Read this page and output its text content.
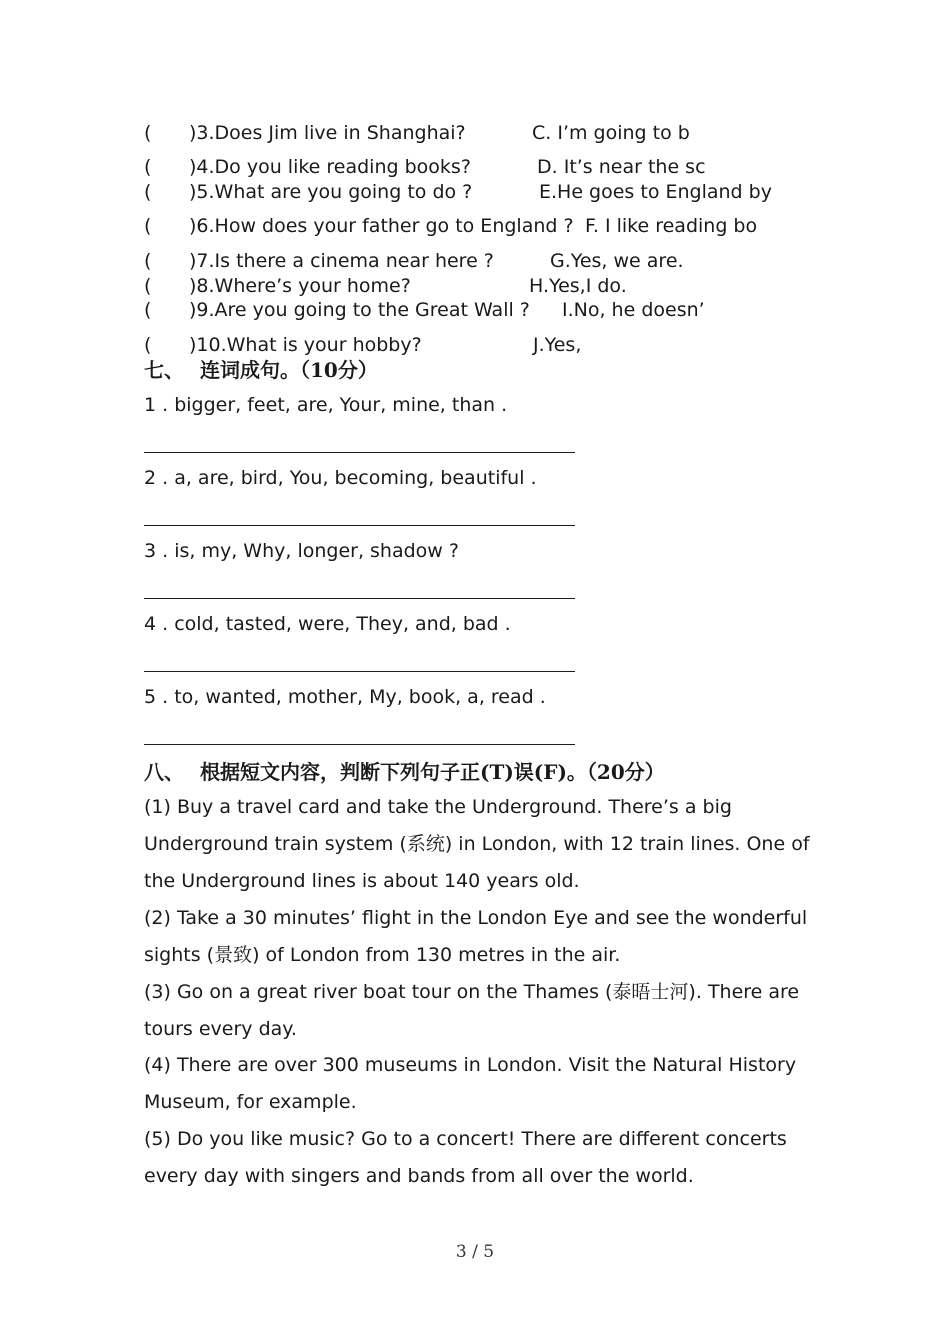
( )3.Does Jim live in Shanghai?	C. I’m going to b
( )4.Do you like reading books?	D. It’s near the sc
( )5.What are you going to do ?	E.He goes to England by
( )6.How does your father go to England ? F. I like reading bo
( )7.Is there a cinema near here ?	G.Yes, we are.
( )8.Where’s your home?	H.Yes,I do.
( )9.Are you going to the Great Wall ? I.No, he doesn’
( )10.What is your hobby?	J.Yes,
七、 连词成句。（10分）
1 . bigger, feet, are, Your, mine, than .
2 . a, are, bird, You, becoming, beautiful .
3 . is, my, Why, longer, shadow ?
4 . cold, tasted, were, They, and, bad .
5 . to, wanted, mother, My, book, a, read .
八、 根据短文内容，判断下列句子正(T)误(F)。（20分）
(1) Buy a travel card and take the Underground. There’s a big Underground train system (系统) in London, with 12 train lines. One of the Underground lines is about 140 years old.
(2) Take a 30 minutes’ flight in the London Eye and see the wonderful sights (景致) of London from 130 metres in the air.
(3) Go on a great river boat tour on the Thames (泰晤士河). There are tours every day.
(4) There are over 300 museums in London. Visit the Natural History Museum, for example.
(5) Do you like music? Go to a concert! There are different concerts every day with singers and bands from all over the world.
3 / 5
